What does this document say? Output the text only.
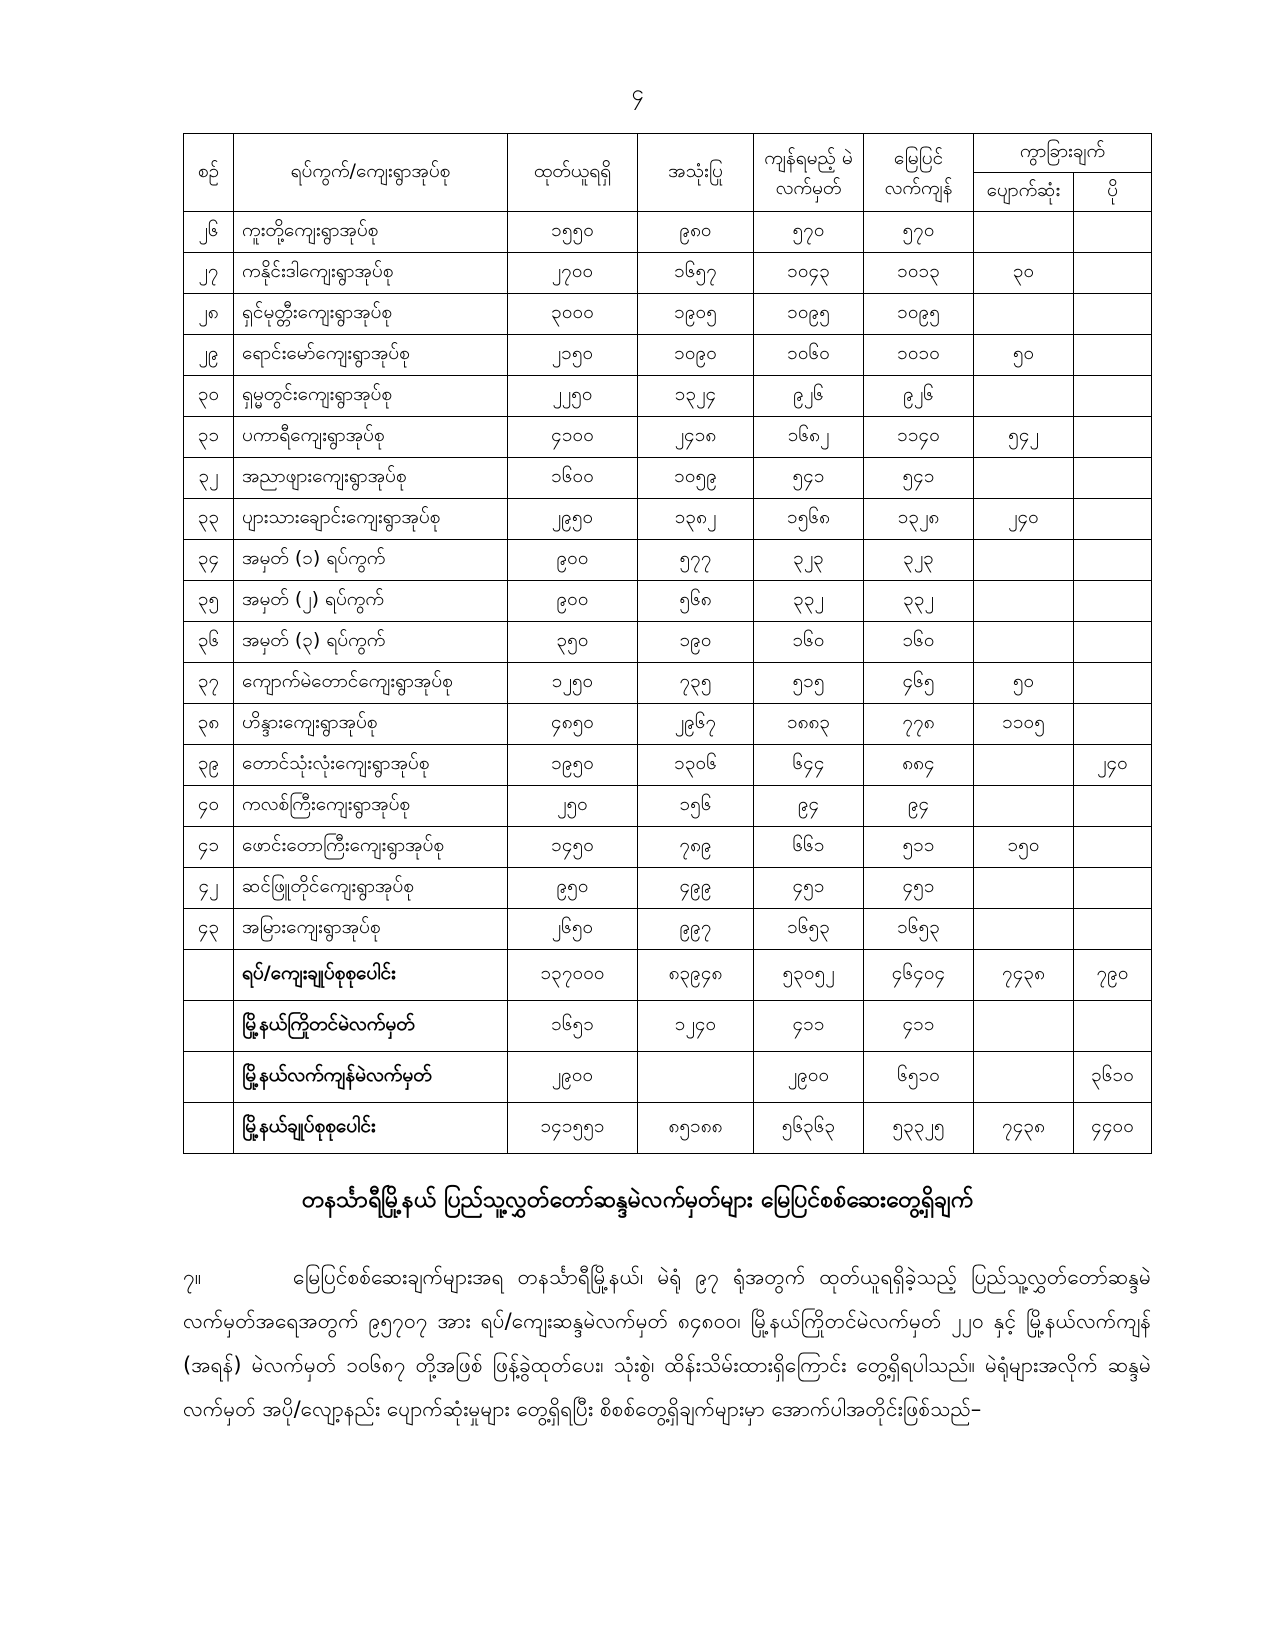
၄
စဉ်	ရပ်ကွက်/ကျေးရွာအုပ်စု	ထုတ်ယူရရှိ	အသုံးပြု	ကျန်ရမည့် မဲလက်မှတ်	မြေပြင် လက်ကျန်	ကွာခြားချက်	
						ပျောက်ဆုံး	ပို
၂၆	ကူးတို့ကျေးရွာအုပ်စု	၁၅၅၀	၉၈၀	၅၇၀	၅၇၀		
၂၇	ကနိုင်းဒါကျေးရွာအုပ်စု	၂၇၀၀	၁၆၅၇	၁၀၄၃	၁၀၁၃	၃၀	
၂၈	ရှင်မုတ္တီးကျေးရွာအုပ်စု	၃၀၀၀	၁၉၀၅	၁၀၉၅	၁၀၉၅		
၂၉	ရောင်းမော်ကျေးရွာအုပ်စု	၂၁၅၀	၁၀၉၀	၁၀၆၀	၁၀၁၀	၅၀	
၃၀	ရှမ္မတွင်းကျေးရွာအုပ်စု	၂၂၅၀	၁၃၂၄	၉၂၆	၉၂၆		
၃၁	ပကာရီကျေးရွာအုပ်စု	၄၁၀၀	၂၄၁၈	၁၆၈၂	၁၁၄၀	၅၄၂	
၃၂	အညာဖျားကျေးရွာအုပ်စု	၁၆၀၀	၁၀၅၉	၅၄၁	၅၄၁		
၃၃	ပျားသားချောင်းကျေးရွာအုပ်စု	၂၉၅၀	၁၃၈၂	၁၅၆၈	၁၃၂၈	၂၄၀	
၃၄	အမှတ် (၁) ရပ်ကွက်	၉၀၀	၅၇၇	၃၂၃	၃၂၃		
၃၅	အမှတ် (၂) ရပ်ကွက်	၉၀၀	၅၆၈	၃၃၂	၃၃၂		
၃၆	အမှတ် (၃) ရပ်ကွက်	၃၅၀	၁၉၀	၁၆၀	၁၆၀		
၃၇	ကျောက်မဲတောင်ကျေးရွာအုပ်စု	၁၂၅၀	၇၃၅	၅၁၅	၄၆၅	၅၀	
၃၈	ဟိန္ဒားကျေးရွာအုပ်စု	၄၈၅၀	၂၉၆၇	၁၈၈၃	၇၇၈	၁၁၀၅	
၃၉	တောင်သုံးလုံးကျေးရွာအုပ်စု	၁၉၅၀	၁၃၀၆	၆၄၄	၈၈၄		၂၄၀
၄၀	ကလစ်ကြီးကျေးရွာအုပ်စု	၂၅၀	၁၅၆	၉၄	၉၄		
၄၁	ဖောင်းတောကြီးကျေးရွာအုပ်စု	၁၄၅၀	၇၈၉	၆၆၁	၅၁၁	၁၅၀	
၄၂	ဆင်ဖြူတိုင်ကျေးရွာအုပ်စု	၉၅၀	၄၉၉	၄၅၁	၄၅၁		
၄၃	အမြားကျေးရွာအုပ်စု	၂၆၅၀	၉၉၇	၁၆၅၃	၁၆၅၃		
	ရပ်/ကျေးချုပ်စုစုပေါင်း	၁၃၇၀၀၀	၈၃၉၄၈	၅၃၀၅၂	၄၆၄၀၄	၇၄၃၈	၇၉၀
	မြို့နယ်ကြိုတင်မဲလက်မှတ်	၁၆၅၁	၁၂၄၀	၄၁၁	၄၁၁		
	မြို့နယ်လက်ကျန်မဲလက်မှတ်	၂၉၀၀		၂၉၀၀	၆၅၁၀		၃၆၁၀
	မြို့နယ်ချုပ်စုစုပေါင်း	၁၄၁၅၅၁	၈၅၁၈၈	၅၆၃၆၃	၅၃၃၂၅	၇၄၃၈	၄၄၀၀
တနင်္သာရီမြို့နယ် ပြည်သူ့လွှတ်တော်ဆန္ဒမဲလက်မှတ်များ မြေပြင်စစ်ဆေးတွေ့ရှိချက်
၇။	မြေပြင်စစ်ဆေးချက်များအရ တနင်္သာရီမြို့နယ်၊ မဲရုံ ၉၇ ရုံအတွက် ထုတ်ယူရရှိခဲ့သည့် ပြည်သူ့လွှတ်တော်ဆန္ဒမဲလက်မှတ်အရေအတွက် ၉၅၇၀၇ အား ရပ်/ကျေးဆန္ဒမဲလက်မှတ် ၈၄၈၀၀၊ မြို့နယ်ကြိုတင်မဲလက်မှတ် ၂၂၀ နှင့် မြို့နယ်လက်ကျန် (အရန်) မဲလက်မှတ် ၁၀၆၈၇ တို့အဖြစ် ဖြန့်ခွဲထုတ်ပေး၊ သုံးစွဲ၊ ထိန်းသိမ်းထားရှိကြောင်း တွေ့ရှိရပါသည်။ မဲရုံများအလိုက် ဆန္ဒမဲလက်မှတ် အပို/လျော့နည်း ပျောက်ဆုံးမှုများ တွေ့ရှိရပြီး စိစစ်တွေ့ရှိချက်များမှာ အောက်ပါအတိုင်းဖြစ်သည်–
